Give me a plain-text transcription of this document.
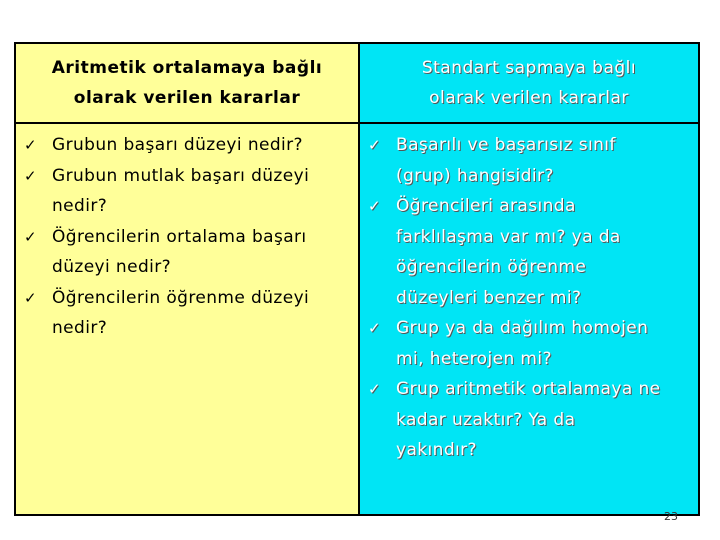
Aritmetik ortalamaya bağlı
olarak verilen kararlar
✓ Grubun başarı düzeyi nedir?
✓ Grubun mutlak başarı düzeyi
nedir?
✓ Öğrencilerin ortalama başarı
düzeyi nedir?
✓ Öğrencilerin öğrenme düzeyi
nedir?
Standart sapmaya bağlı
olarak verilen kararlar
✓ Başarılı ve başarısız sınıf
(grup) hangisidir?
✓ Öğrencileri arasında
farklılaşma var mı? ya da
öğrencilerin öğrenme
düzeyleri benzer mi?
✓ Grup ya da dağılım homojen
mi, heterojen mi?
✓ Grup aritmetik ortalamaya ne
kadar uzaktır? Ya da
yakındır?
23
